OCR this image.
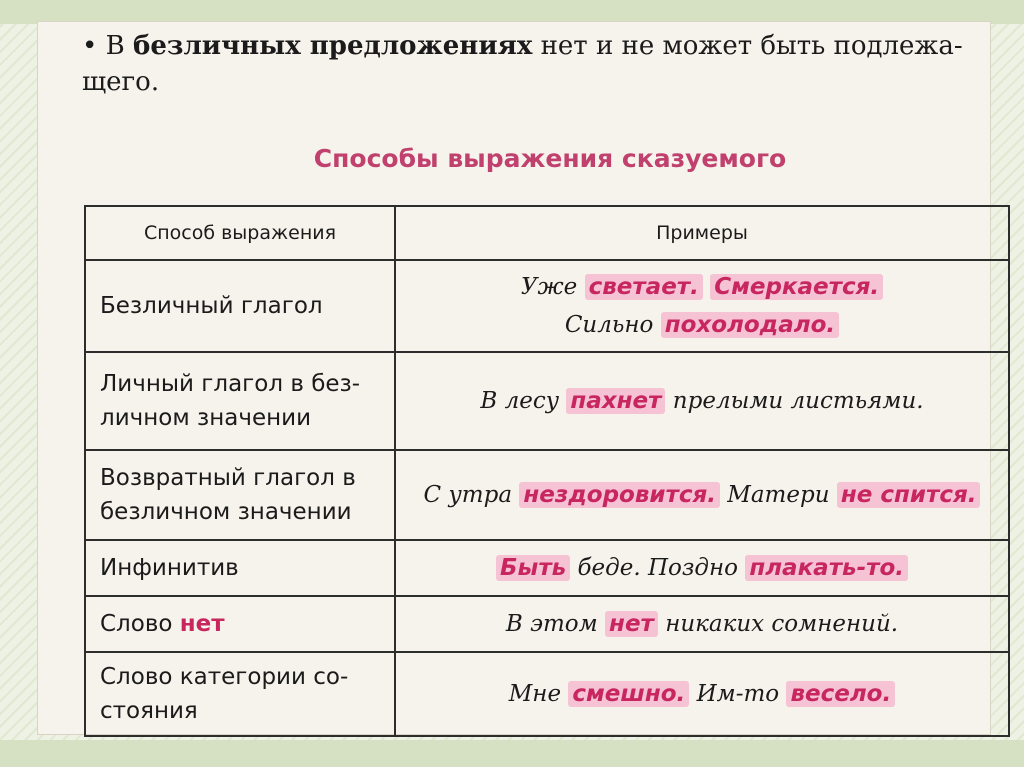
• В безличных предложениях нет и не может быть подлежа-
щего.
Способы выражения сказуемого
Способ выражения	Примеры
Безличный глагол	Уже светает. Смеркается.
Сильно похолодало.

Личный глагол в без-
личном значении	В лесу пахнет прелыми листьями.

Возвратный глагол в
безличном значении	С утра нездоровится. Матери не спится.
Инфинитив	Быть беде. Поздно плакать-то.
Слово нет	В этом нет никаких сомнений.

Слово категории со-
стояния	Мне смешно. Им-то весело.
